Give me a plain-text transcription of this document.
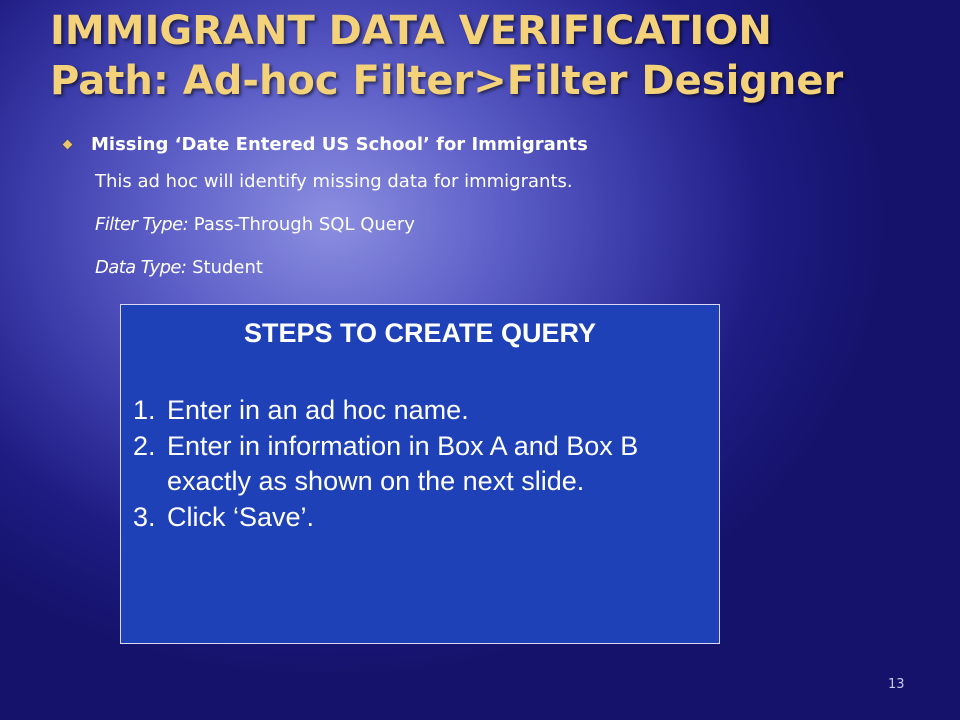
IMMIGRANT DATA VERIFICATION
Path: Ad-hoc Filter>Filter Designer
Missing ‘Date Entered US School’ for Immigrants
This ad hoc will identify missing data for immigrants.
Filter Type: Pass-Through SQL Query
Data Type: Student
STEPS TO CREATE QUERY
1. Enter in an ad hoc name.
2. Enter in information in Box A and Box B exactly as shown on the next slide.
3. Click ‘Save’.
13
